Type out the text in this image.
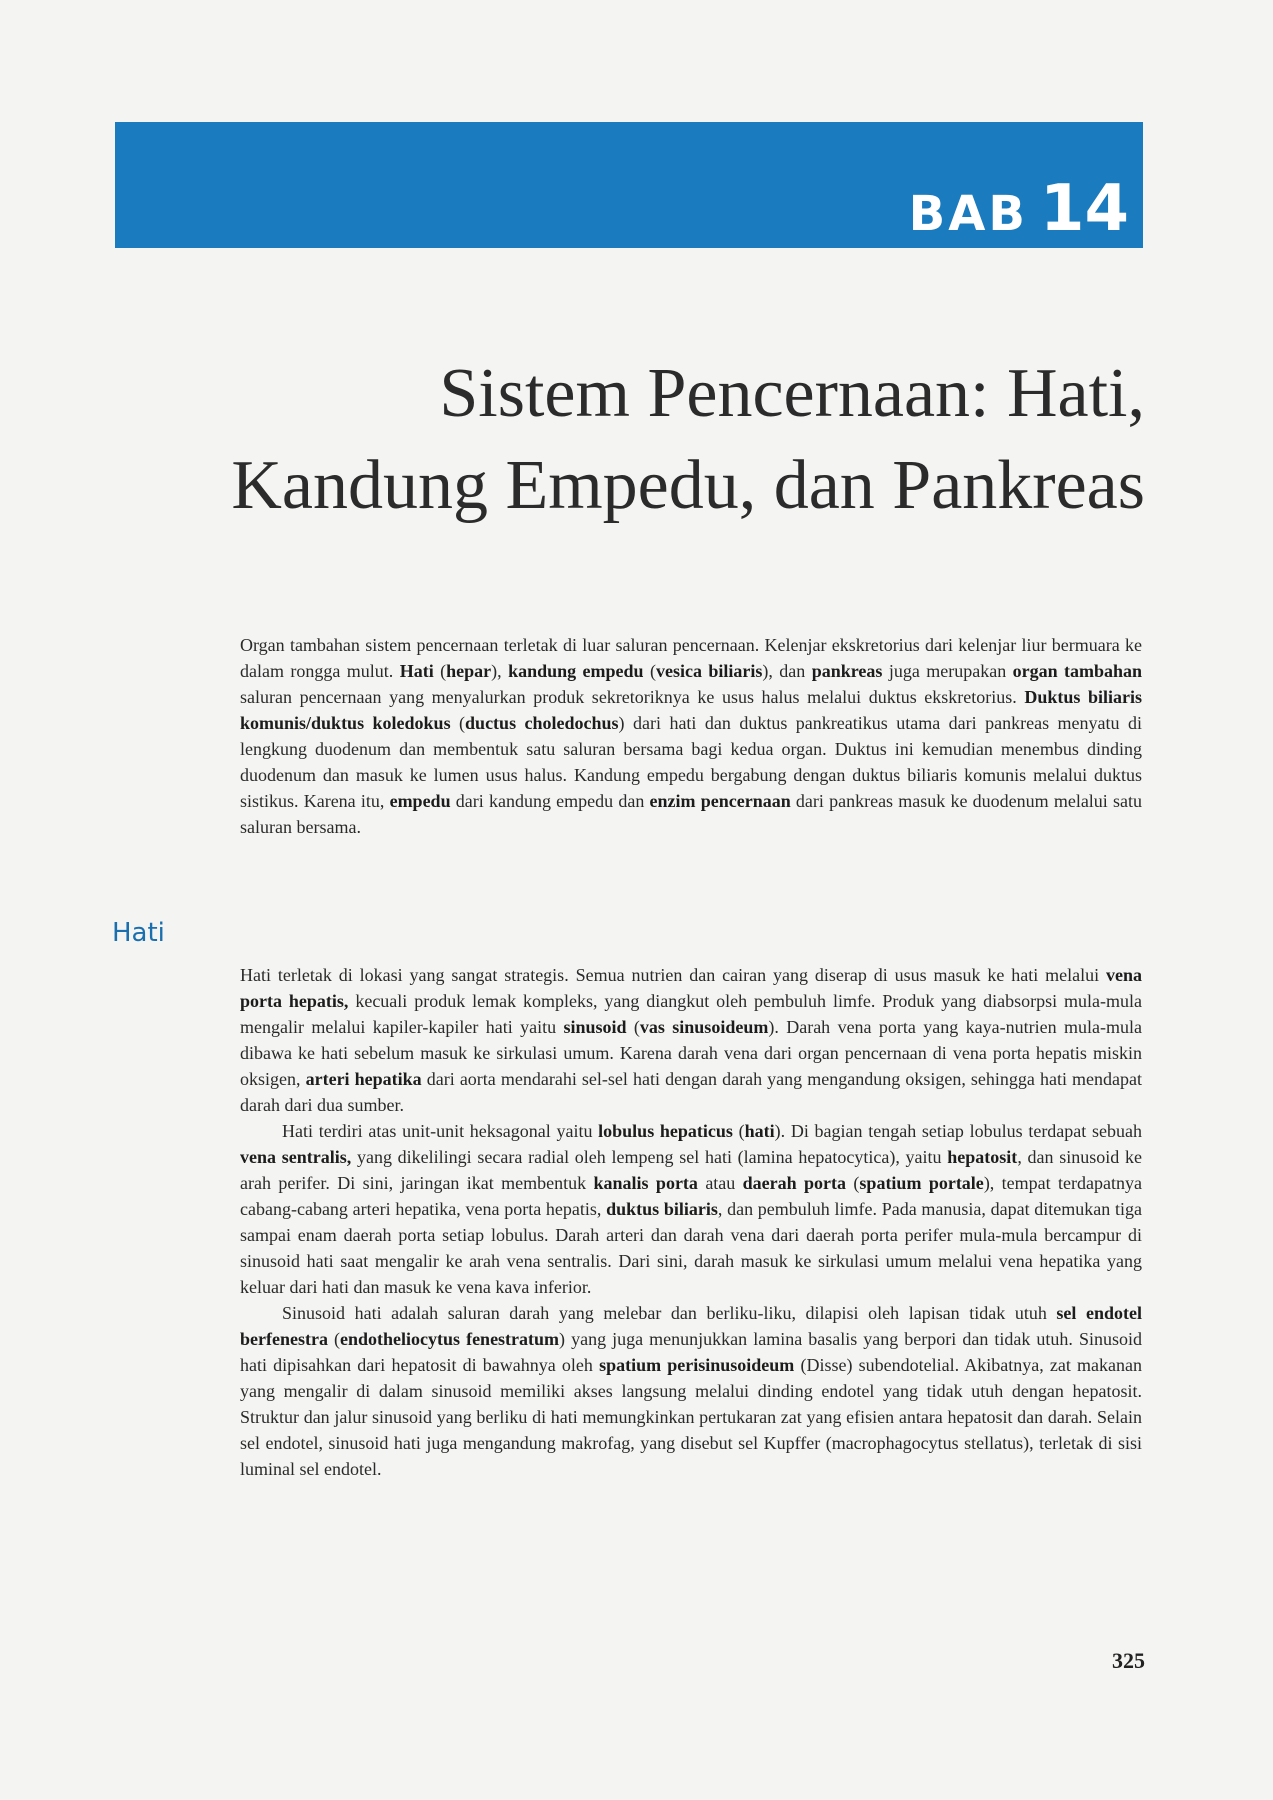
BAB 14
Sistem Pencernaan: Hati,
Kandung Empedu, dan Pankreas

Organ tambahan sistem pencernaan terletak di luar saluran pencernaan. Kelenjar ekskretorius dari kelenjar liur bermuara ke dalam rongga mulut. Hati (hepar), kandung empedu (vesica biliaris), dan pankreas juga merupakan organ tambahan saluran pencernaan yang menyalurkan produk sekretoriknya ke usus halus melalui duktus ekskretorius. Duktus biliaris komunis/duktus koledokus (ductus choledochus) dari hati dan duktus pankreatikus utama dari pankreas menyatu di lengkung duodenum dan membentuk satu saluran bersama bagi kedua organ. Duktus ini kemudian menembus dinding duodenum dan masuk ke lumen usus halus. Kandung empedu bergabung dengan duktus biliaris komunis melalui duktus sistikus. Karena itu, empedu dari kandung empedu dan enzim pencernaan dari pankreas masuk ke duodenum melalui satu saluran bersama.

Hati

Hati terletak di lokasi yang sangat strategis. Semua nutrien dan cairan yang diserap di usus masuk ke hati melalui vena porta hepatis, kecuali produk lemak kompleks, yang diangkut oleh pembuluh limfe. Produk yang diabsorpsi mula-mula mengalir melalui kapiler-kapiler hati yaitu sinusoid (vas sinusoideum). Darah vena porta yang kaya-nutrien mula-mula dibawa ke hati sebelum masuk ke sirkulasi umum. Karena darah vena dari organ pencernaan di vena porta hepatis miskin oksigen, arteri hepatika dari aorta mendarahi sel-sel hati dengan darah yang mengandung oksigen, sehingga hati mendapat darah dari dua sumber.

Hati terdiri atas unit-unit heksagonal yaitu lobulus hepaticus (hati). Di bagian tengah setiap lobulus terdapat sebuah vena sentralis, yang dikelilingi secara radial oleh lempeng sel hati (lamina hepatocytica), yaitu hepatosit, dan sinusoid ke arah perifer. Di sini, jaringan ikat membentuk kanalis porta atau daerah porta (spatium portale), tempat terdapatnya cabang-cabang arteri hepatika, vena porta hepatis, duktus biliaris, dan pembuluh limfe. Pada manusia, dapat ditemukan tiga sampai enam daerah porta setiap lobulus. Darah arteri dan darah vena dari daerah porta perifer mula-mula bercampur di sinusoid hati saat mengalir ke arah vena sentralis. Dari sini, darah masuk ke sirkulasi umum melalui vena hepatika yang keluar dari hati dan masuk ke vena kava inferior.

Sinusoid hati adalah saluran darah yang melebar dan berliku-liku, dilapisi oleh lapisan tidak utuh sel endotel berfenestra (endotheliocytus fenestratum) yang juga menunjukkan lamina basalis yang berpori dan tidak utuh. Sinusoid hati dipisahkan dari hepatosit di bawahnya oleh spatium perisinusoideum (Disse) subendotelial. Akibatnya, zat makanan yang mengalir di dalam sinusoid memiliki akses langsung melalui dinding endotel yang tidak utuh dengan hepatosit. Struktur dan jalur sinusoid yang berliku di hati memungkinkan pertukaran zat yang efisien antara hepatosit dan darah. Selain sel endotel, sinusoid hati juga mengandung makrofag, yang disebut sel Kupffer (macrophagocytus stellatus), terletak di sisi luminal sel endotel.

325
